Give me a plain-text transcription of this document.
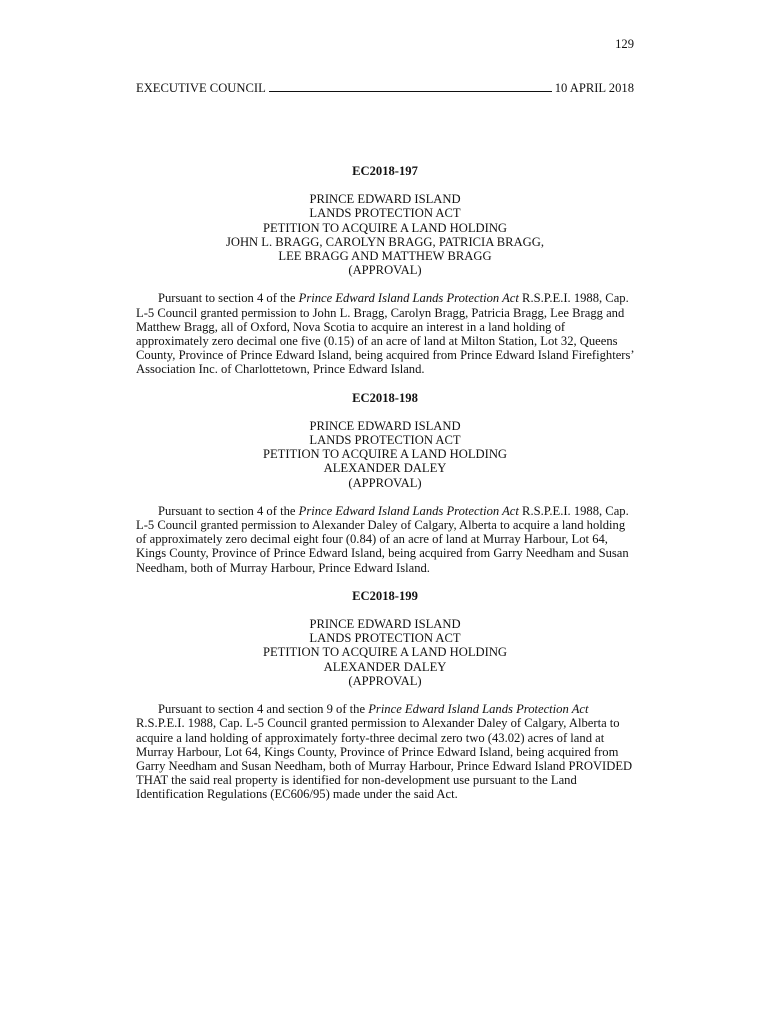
129
EXECUTIVE COUNCIL	10 APRIL 2018
EC2018-197
PRINCE EDWARD ISLAND
LANDS PROTECTION ACT
PETITION TO ACQUIRE A LAND HOLDING
JOHN L. BRAGG, CAROLYN BRAGG, PATRICIA BRAGG,
LEE BRAGG AND MATTHEW BRAGG
(APPROVAL)

Pursuant to section 4 of the Prince Edward Island Lands Protection Act R.S.P.E.I. 1988, Cap. L-5 Council granted permission to John L. Bragg, Carolyn Bragg, Patricia Bragg, Lee Bragg and Matthew Bragg, all of Oxford, Nova Scotia to acquire an interest in a land holding of approximately zero decimal one five (0.15) of an acre of land at Milton Station, Lot 32, Queens County, Province of Prince Edward Island, being acquired from Prince Edward Island Firefighters’ Association Inc. of Charlottetown, Prince Edward Island.

EC2018-198
PRINCE EDWARD ISLAND
LANDS PROTECTION ACT
PETITION TO ACQUIRE A LAND HOLDING
ALEXANDER DALEY
(APPROVAL)

Pursuant to section 4 of the Prince Edward Island Lands Protection Act R.S.P.E.I. 1988, Cap. L-5 Council granted permission to Alexander Daley of Calgary, Alberta to acquire a land holding of approximately zero decimal eight four (0.84) of an acre of land at Murray Harbour, Lot 64, Kings County, Province of Prince Edward Island, being acquired from Garry Needham and Susan Needham, both of Murray Harbour, Prince Edward Island.

EC2018-199
PRINCE EDWARD ISLAND
LANDS PROTECTION ACT
PETITION TO ACQUIRE A LAND HOLDING
ALEXANDER DALEY
(APPROVAL)

Pursuant to section 4 and section 9 of the Prince Edward Island Lands Protection Act R.S.P.E.I. 1988, Cap. L-5 Council granted permission to Alexander Daley of Calgary, Alberta to acquire a land holding of approximately forty-three decimal zero two (43.02) acres of land at Murray Harbour, Lot 64, Kings County, Province of Prince Edward Island, being acquired from Garry Needham and Susan Needham, both of Murray Harbour, Prince Edward Island PROVIDED THAT the said real property is identified for non-development use pursuant to the Land Identification Regulations (EC606/95) made under the said Act.
